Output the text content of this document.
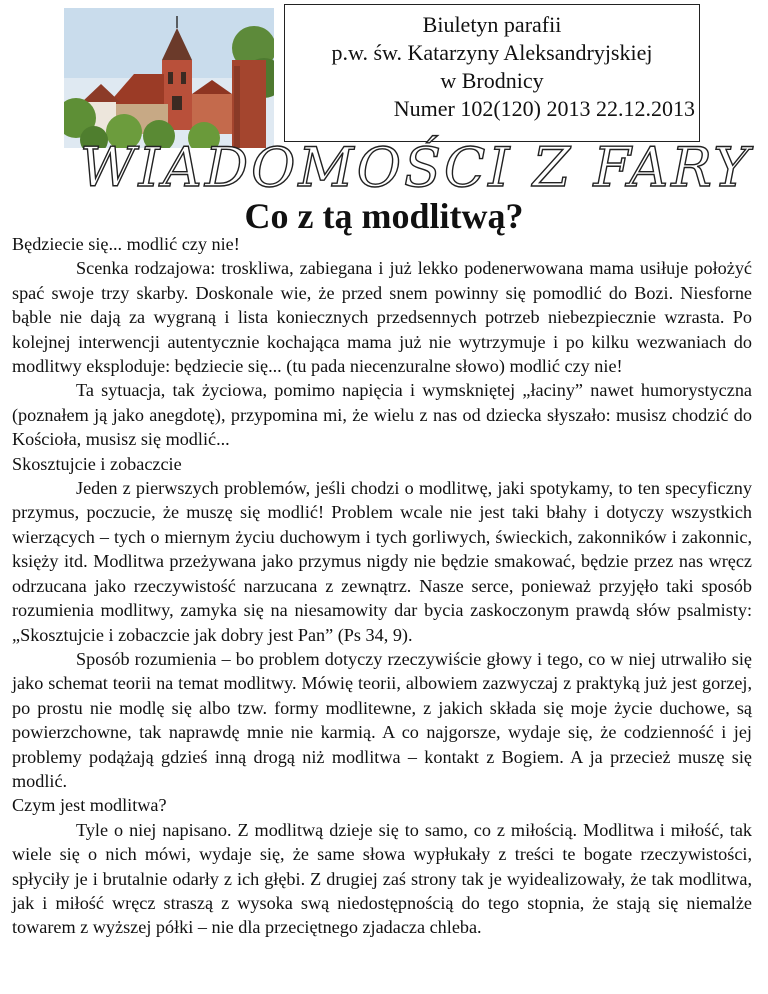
Biuletyn parafii
p.w. św. Katarzyny Aleksandryjskiej
w Brodnicy
Numer 102(120) 2013 22.12.2013
WIADOMOŚCI Z FARY
Co z tą modlitwą?

Będziecie się... modlić czy nie!

Scenka rodzajowa: troskliwa, zabiegana i już lekko podenerwowana mama usiłuje położyć spać swoje trzy skarby. Doskonale wie, że przed snem powinny się pomodlić do Bozi. Niesforne bąble nie dają za wygraną i lista koniecznych przedsennych potrzeb niebezpiecznie wzrasta. Po kolejnej interwencji autentycznie kochająca mama już nie wytrzymuje i po kilku wezwaniach do modlitwy eksploduje: będziecie się... (tu pada niecenzuralne słowo) modlić czy nie!

Ta sytuacja, tak życiowa, pomimo napięcia i wymskniętej „łaciny” nawet humorystyczna (poznałem ją jako anegdotę), przypomina mi, że wielu z nas od dziecka słyszało: musisz chodzić do Kościoła, musisz się modlić...

Skosztujcie i zobaczcie

Jeden z pierwszych problemów, jeśli chodzi o modlitwę, jaki spotykamy, to ten specyficzny przymus, poczucie, że muszę się modlić! Problem wcale nie jest taki błahy i dotyczy wszystkich wierzących – tych o miernym życiu duchowym i tych gorliwych, świeckich, zakonników i zakonnic, księży itd. Modlitwa przeżywana jako przymus nigdy nie będzie smakować, będzie przez nas wręcz odrzucana jako rzeczywistość narzucana z zewnątrz. Nasze serce, ponieważ przyjęło taki sposób rozumienia modlitwy, zamyka się na niesamowity dar bycia zaskoczonym prawdą słów psalmisty: „Skosztujcie i zobaczcie jak dobry jest Pan” (Ps 34, 9).

Sposób rozumienia – bo problem dotyczy rzeczywiście głowy i tego, co w niej utrwaliło się jako schemat teorii na temat modlitwy. Mówię teorii, albowiem zazwyczaj z praktyką już jest gorzej, po prostu nie modlę się albo tzw. formy modlitewne, z jakich składa się moje życie duchowe, są powierzchowne, tak naprawdę mnie nie karmią. A co najgorsze, wydaje się, że codzienność i jej problemy podążają gdzieś inną drogą niż modlitwa – kontakt z Bogiem. A ja przecież muszę się modlić.

Czym jest modlitwa?

Tyle o niej napisano. Z modlitwą dzieje się to samo, co z miłością. Modlitwa i miłość, tak wiele się o nich mówi, wydaje się, że same słowa wypłukały z treści te bogate rzeczywistości, spłyciły je i brutalnie odarły z ich głębi. Z drugiej zaś strony tak je wyidealizowały, że tak modlitwa, jak i miłość wręcz straszą z wysoka swą niedostępnością do tego stopnia, że stają się niemalże towarem z wyższej półki – nie dla przeciętnego zjadacza chleba.
